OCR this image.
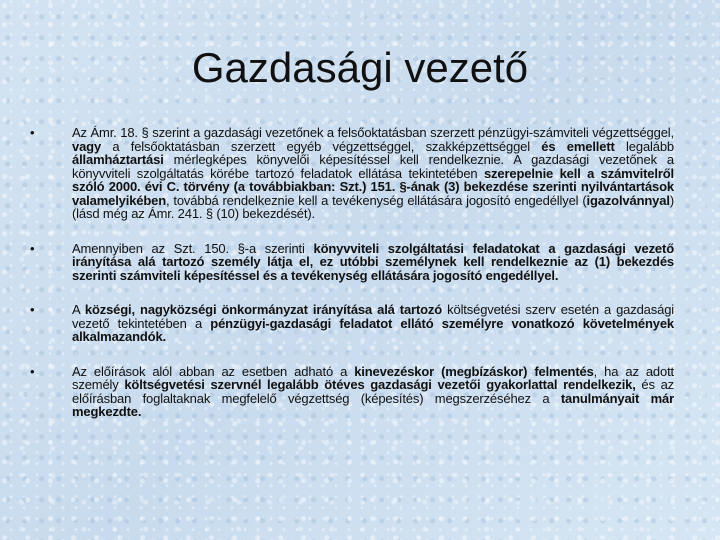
Gazdasági vezető
•	Az Ámr. 18. § szerint a gazdasági vezetőnek a felsőoktatásban szerzett pénzügyi-számviteli végzettséggel, vagy a felsőoktatásban szerzett egyéb végzettséggel, szakképzettséggel és emellett legalább államháztartási mérlegképes könyvelői képesítéssel kell rendelkeznie. A gazdasági vezetőnek a könyvviteli szolgáltatás körébe tartozó feladatok ellátása tekintetében szerepelnie kell a számvitelről szóló 2000. évi C. törvény (a továbbiakban: Szt.) 151. §-ának (3) bekezdése szerinti nyilvántartások valamelyikében, továbbá rendelkeznie kell a tevékenység ellátására jogosító engedéllyel (igazolvánnyal) (lásd még az Ámr. 241. § (10) bekezdését).
•	Amennyiben az Szt. 150. §-a szerinti könyvviteli szolgáltatási feladatokat a gazdasági vezető irányítása alá tartozó személy látja el, ez utóbbi személynek kell rendelkeznie az (1) bekezdés szerinti számviteli képesítéssel és a tevékenység ellátására jogosító engedéllyel.
•	A községi, nagyközségi önkormányzat irányítása alá tartozó költségvetési szerv esetén a gazdasági vezető tekintetében a pénzügyi-gazdasági feladatot ellátó személyre vonatkozó követelmények alkalmazandók.
•	Az előírások alól abban az esetben adható a kinevezéskor (megbízáskor) felmentés, ha az adott személy költségvetési szervnél legalább ötéves gazdasági vezetői gyakorlattal rendelkezik, és az előírásban foglaltaknak megfelelő végzettség (képesítés) megszerzéséhez a tanulmányait már megkezdte.
